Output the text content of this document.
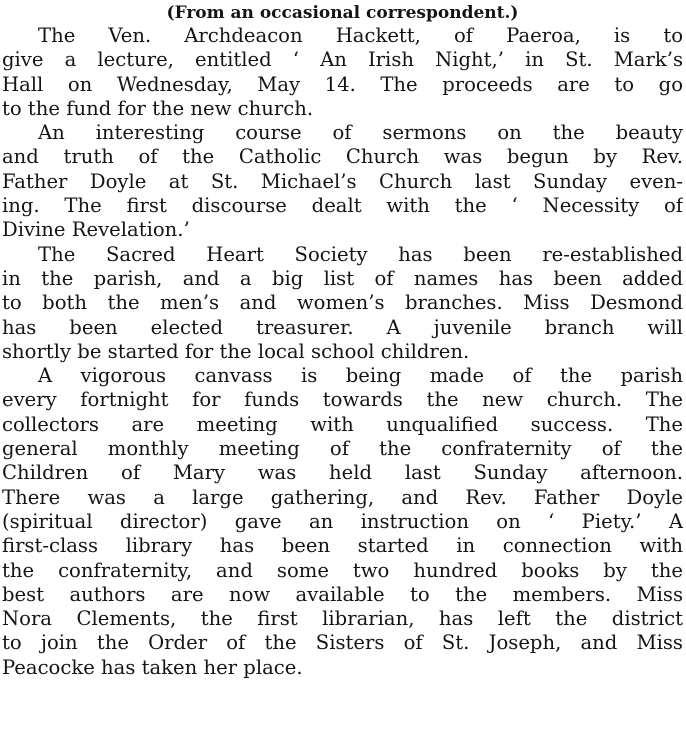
(From an occasional correspondent.)
The Ven. Archdeacon Hackett, of Paeroa, is to
give a lecture, entitled ‘ An Irish Night,’ in St. Mark’s
Hall on Wednesday, May 14. The proceeds are to go
to the fund for the new church.
An interesting course of sermons on the beauty
and truth of the Catholic Church was begun by Rev.
Father Doyle at St. Michael’s Church last Sunday even-
ing. The first discourse dealt with the ‘ Necessity of
Divine Revelation.’
The Sacred Heart Society has been re-established
in the parish, and a big list of names has been added
to both the men’s and women’s branches. Miss Desmond
has been elected treasurer. A juvenile branch will
shortly be started for the local school children.
A vigorous canvass is being made of the parish
every fortnight for funds towards the new church. The
collectors are meeting with unqualified success. The
general monthly meeting of the confraternity of the
Children of Mary was held last Sunday afternoon.
There was a large gathering, and Rev. Father Doyle
(spiritual director) gave an instruction on ‘ Piety.’ A
first-class library has been started in connection with
the confraternity, and some two hundred books by the
best authors are now available to the members. Miss
Nora Clements, the first librarian, has left the district
to join the Order of the Sisters of St. Joseph, and Miss
Peacocke has taken her place.
